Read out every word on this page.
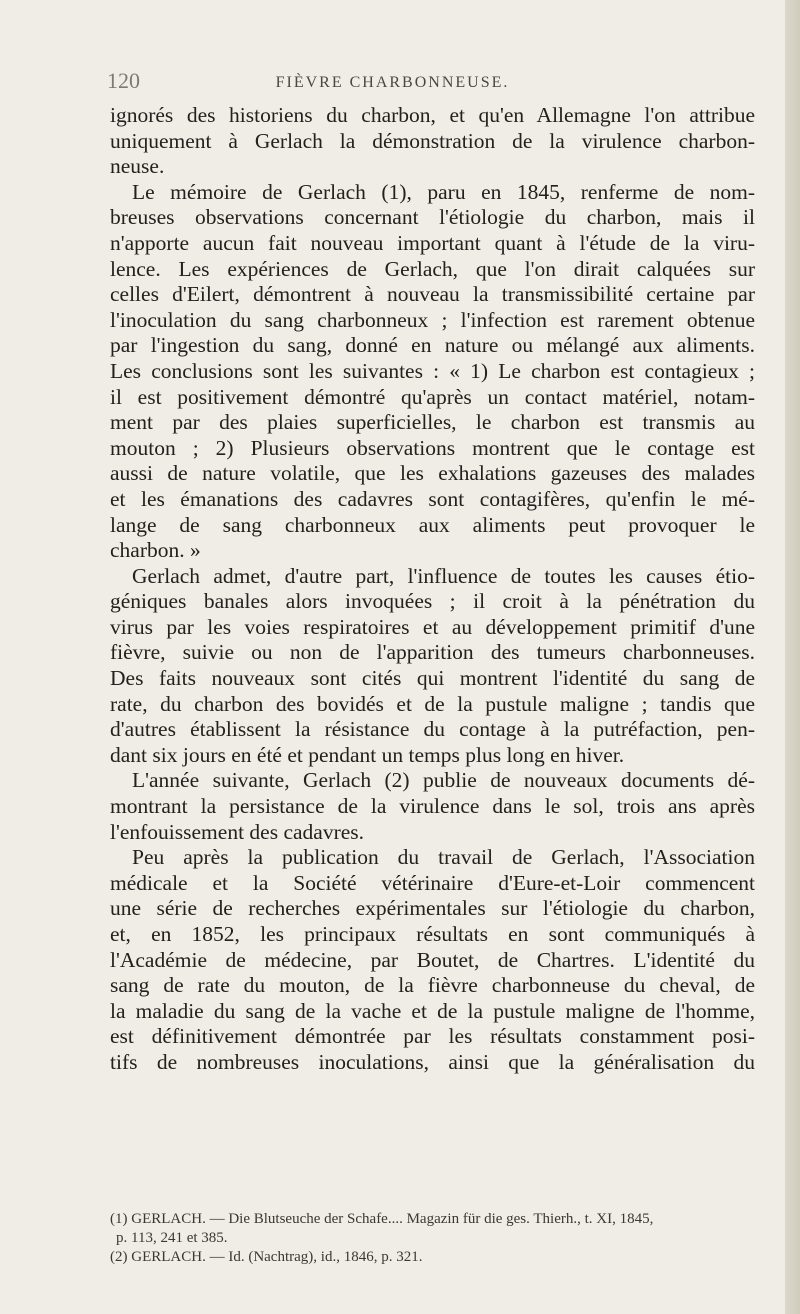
120	FIÈVRE CHARBONNEUSE.
ignorés des historiens du charbon, et qu'en Allemagne l'on attribue
uniquement à Gerlach la démonstration de la virulence charbon-
neuse.
Le mémoire de Gerlach (1), paru en 1845, renferme de nom-
breuses observations concernant l'étiologie du charbon, mais il
n'apporte aucun fait nouveau important quant à l'étude de la viru-
lence. Les expériences de Gerlach, que l'on dirait calquées sur
celles d'Eilert, démontrent à nouveau la transmissibilité certaine par
l'inoculation du sang charbonneux ; l'infection est rarement obtenue
par l'ingestion du sang, donné en nature ou mélangé aux aliments.
Les conclusions sont les suivantes : « 1) Le charbon est contagieux ;
il est positivement démontré qu'après un contact matériel, notam-
ment par des plaies superficielles, le charbon est transmis au
mouton ; 2) Plusieurs observations montrent que le contage est
aussi de nature volatile, que les exhalations gazeuses des malades
et les émanations des cadavres sont contagifères, qu'enfin le mé-
lange de sang charbonneux aux aliments peut provoquer le
charbon. »
Gerlach admet, d'autre part, l'influence de toutes les causes étio-
géniques banales alors invoquées ; il croit à la pénétration du
virus par les voies respiratoires et au développement primitif d'une
fièvre, suivie ou non de l'apparition des tumeurs charbonneuses.
Des faits nouveaux sont cités qui montrent l'identité du sang de
rate, du charbon des bovidés et de la pustule maligne ; tandis que
d'autres établissent la résistance du contage à la putréfaction, pen-
dant six jours en été et pendant un temps plus long en hiver.
L'année suivante, Gerlach (2) publie de nouveaux documents dé-
montrant la persistance de la virulence dans le sol, trois ans après
l'enfouissement des cadavres.
Peu après la publication du travail de Gerlach, l'Association
médicale et la Société vétérinaire d'Eure-et-Loir commencent
une série de recherches expérimentales sur l'étiologie du charbon,
et, en 1852, les principaux résultats en sont communiqués à
l'Académie de médecine, par Boutet, de Chartres. L'identité du
sang de rate du mouton, de la fièvre charbonneuse du cheval, de
la maladie du sang de la vache et de la pustule maligne de l'homme,
est définitivement démontrée par les résultats constamment posi-
tifs de nombreuses inoculations, ainsi que la généralisation du
(1) GERLACH. — Die Blutseuche der Schafe.... Magazin für die ges. Thierh., t. XI, 1845,
p. 113, 241 et 385.
(2) GERLACH. — Id. (Nachtrag), id., 1846, p. 321.
